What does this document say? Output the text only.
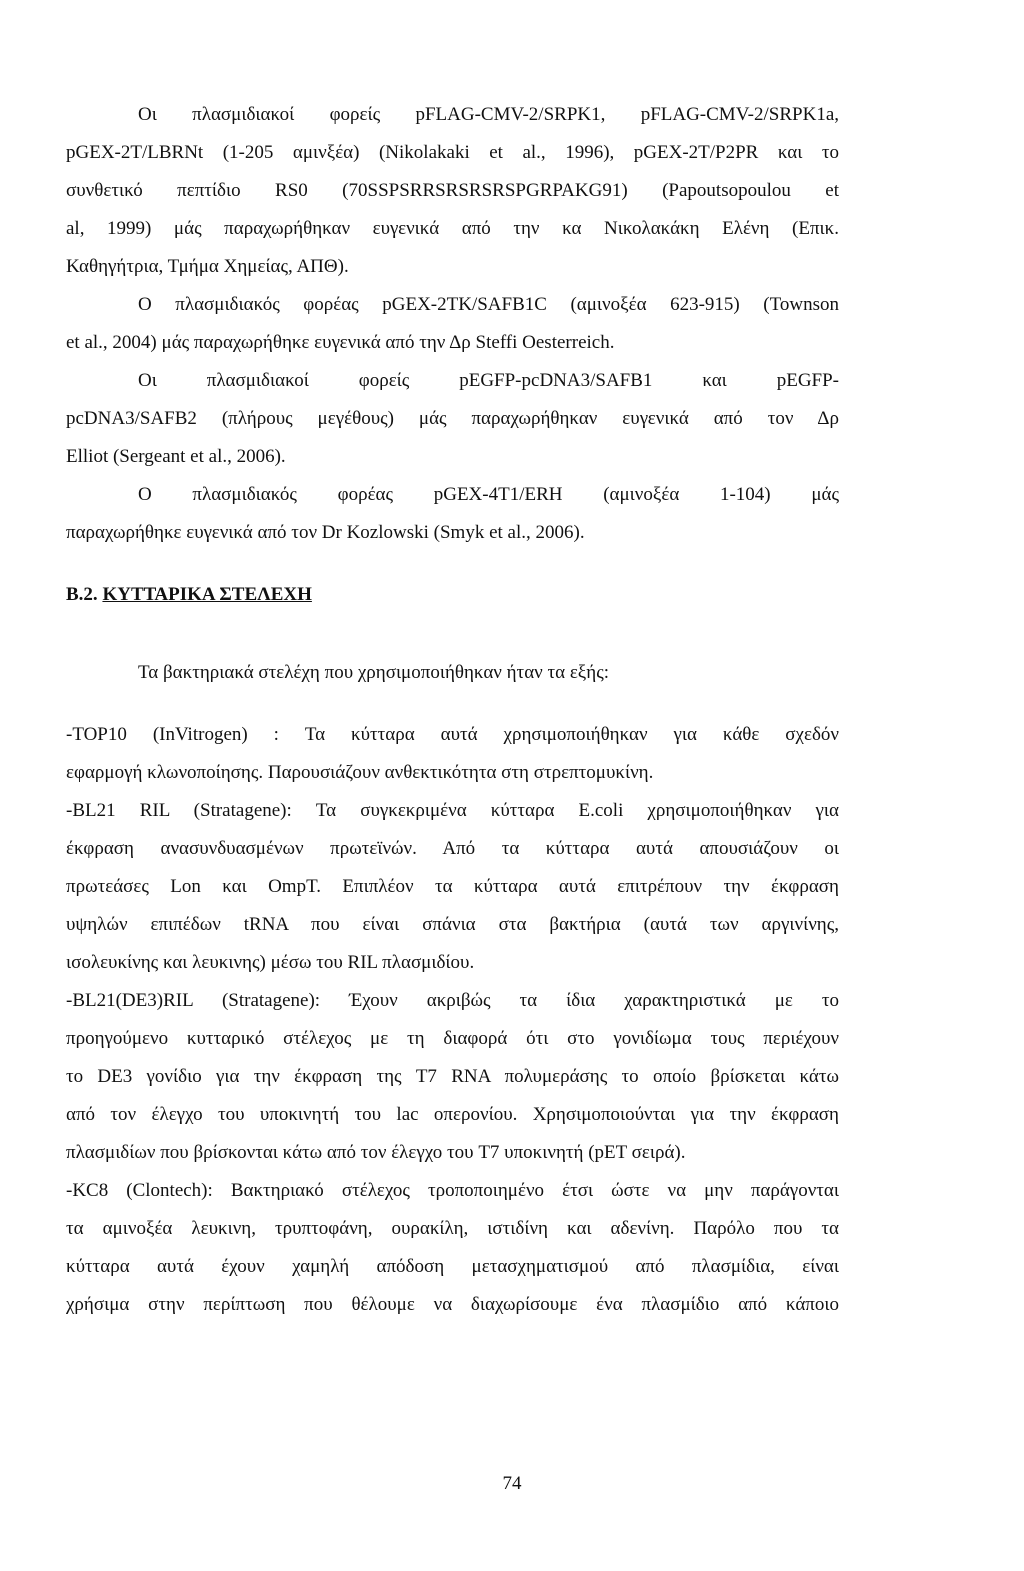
Οι πλασμιδιακοί φορείς pFLAG-CMV-2/SRPK1, pFLAG-CMV-2/SRPK1a,

pGEX-2T/LBRNt (1-205 αμινξέα) (Nikolakaki et al., 1996), pGEX-2T/P2PR και το

συνθετικό πεπτίδιο RS0 (70SSPSRRSRSRSRSPGRPAKG91) (Papoutsopoulou et

al, 1999) μάς παραχωρήθηκαν ευγενικά από την κα Νικολακάκη Ελένη (Επικ.

Καθηγήτρια, Τμήμα Χημείας, ΑΠΘ).

Ο πλασμιδιακός φορέας pGEX-2TK/SAFB1C (αμινοξέα 623-915) (Townson

et al., 2004) μάς παραχωρήθηκε ευγενικά από την Δρ Steffi Oesterreich.

Οι πλασμιδιακοί φορείς pEGFP-pcDNA3/SAFB1 και pEGFP-

pcDNA3/SAFB2 (πλήρους μεγέθους) μάς παραχωρήθηκαν ευγενικά από τον Δρ

Elliot (Sergeant et al., 2006).

Ο πλασμιδιακός φορέας pGEX-4T1/ERH (αμινοξέα 1-104) μάς

παραχωρήθηκε ευγενικά από τον Dr Kozlowski (Smyk et al., 2006).

B.2. ΚΥΤΤΑΡΙΚΑ ΣΤΕΛΕΧΗ

Τα βακτηριακά στελέχη που χρησιμοποιήθηκαν ήταν τα εξής:

-TOP10 (InVitrogen) : Τα κύτταρα αυτά χρησιμοποιήθηκαν για κάθε σχεδόν

εφαρμογή κλωνοποίησης. Παρουσιάζουν ανθεκτικότητα στη στρεπτομυκίνη.

-BL21 RIL (Stratagene): Τα συγκεκριμένα κύτταρα E.coli χρησιμοποιήθηκαν για

έκφραση ανασυνδυασμένων πρωτεϊνών. Από τα κύτταρα αυτά απουσιάζουν οι

πρωτεάσες Lon και OmpT. Επιπλέον τα κύτταρα αυτά επιτρέπουν την έκφραση

υψηλών επιπέδων tRNA που είναι σπάνια στα βακτήρια (αυτά των αργινίνης,

ισολευκίνης και λευκινης) μέσω του RIL πλασμιδίου.

-BL21(DE3)RIL (Stratagene): Έχουν ακριβώς τα ίδια χαρακτηριστικά με το

προηγούμενο κυτταρικό στέλεχος με τη διαφορά ότι στο γονιδίωμα τους περιέχουν

το DE3 γονίδιο για την έκφραση της T7 RNA πολυμεράσης το οποίο βρίσκεται κάτω

από τον έλεγχο του υποκινητή του lac οπερονίου. Χρησιμοποιούνται για την έκφραση

πλασμιδίων που βρίσκονται κάτω από τον έλεγχο του T7 υποκινητή (pET σειρά).

-KC8 (Clontech): Βακτηριακό στέλεχος τροποποιημένο έτσι ώστε να μην παράγονται

τα αμινοξέα λευκινη, τρυπτοφάνη, ουρακίλη, ιστιδίνη και αδενίνη. Παρόλο που τα

κύτταρα αυτά έχουν χαμηλή απόδοση μετασχηματισμού από πλασμίδια, είναι

χρήσιμα στην περίπτωση που θέλουμε να διαχωρίσουμε ένα πλασμίδιο από κάποιο

74
